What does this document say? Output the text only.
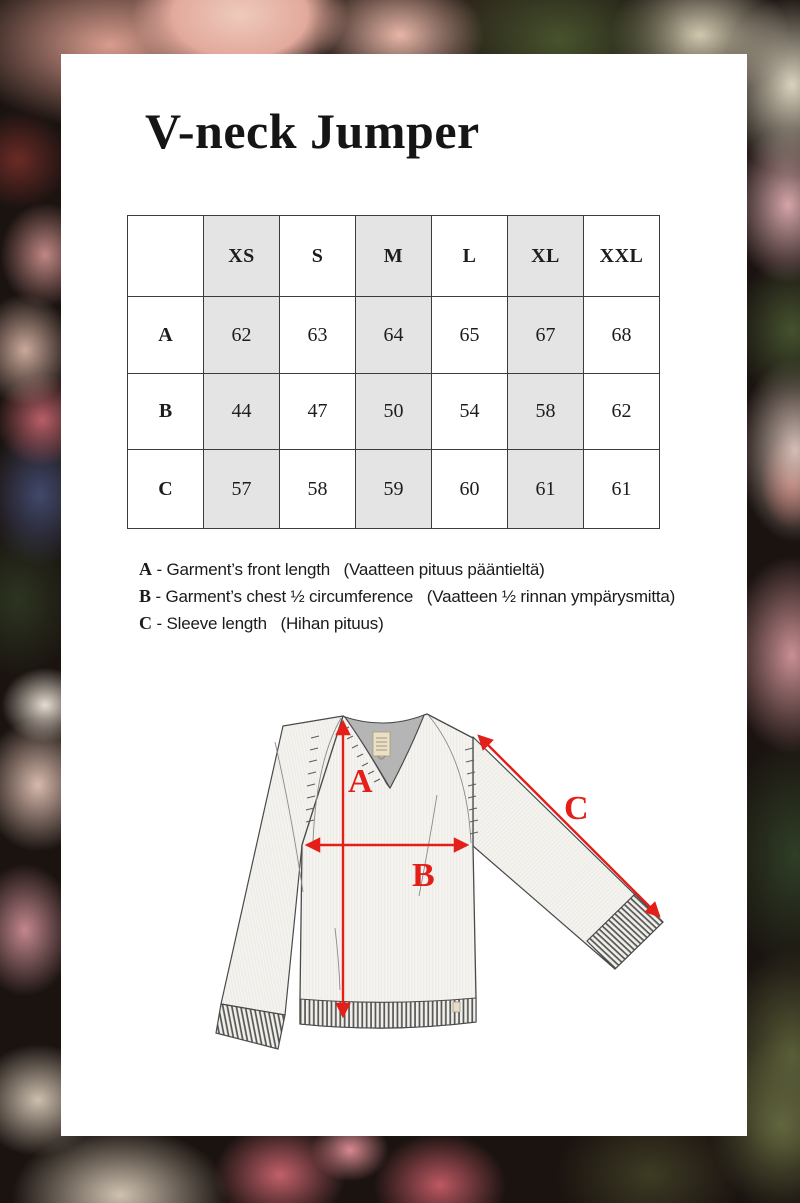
V-neck Jumper
	XS	S	M	L	XL	XXL
A	62	63	64	65	67	68
B	44	47	50	54	58	62
C	57	58	59	60	61	61
A - Garment’s front length   (Vaatteen pituus pääntieltä)
B - Garment’s chest ½ circumference   (Vaatteen ½ rinnan ympärysmitta)
C - Sleeve length   (Hihan pituus)
A
B
C
